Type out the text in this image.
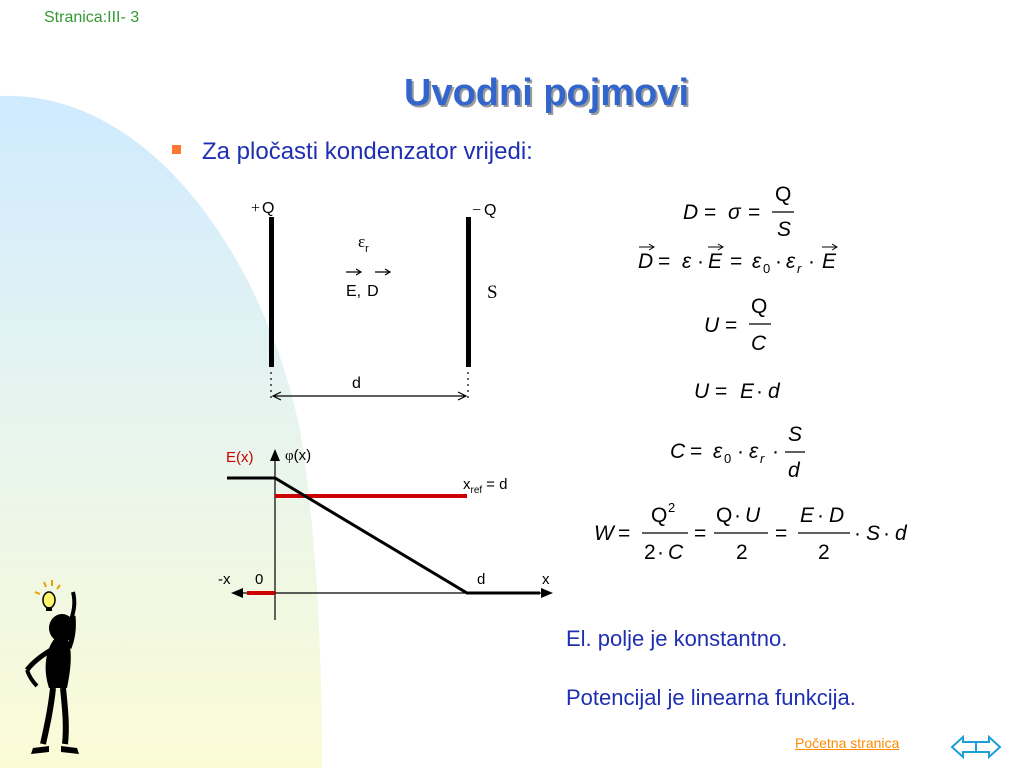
Stranica:III- 3
Uvodni pojmovi
Za pločasti kondenzator vrijedi:
+ Q	− Q
$\varepsilon_r$
E, D	S
d
E(x) φ(x)
$x_{ref} = d$
-x 0	d	x
D = σ =
Q
S
D = ε · E = ε 0 · ε r · E
U =
Q
C
U = E · d
C = ε 0 · ε r ·
S
d
W =
Q 2
2 · C
=
Q · U
2
=
E · D
2
· S · d
El. polje je konstantno.
Potencijal je linearna funkcija.
Početna stranica
